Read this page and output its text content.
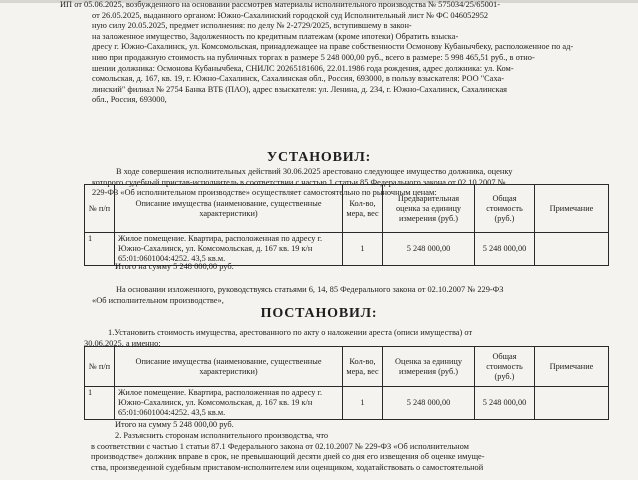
ИП от 05.06.2025, возбужденного на основании рассмотрев материалы исполнительного производства № 575034/25/65001-
от 26.05.2025, выданного органом: Южно-Сахалинский городской суд Исполнительный лист № ФС 046052952
ную силу 20.05.2025, предмет исполнения: по делу № 2-2729/2025, вступившему в закон-
на заложенное имущество, Задолженность по кредитным платежам (кроме ипотеки) Обратить взыска-
дресу г. Южно-Сахалинск, ул. Комсомольская, принадлежащее на праве собственности Осмонову Кубанычбеку, расположенное по ад-
нию при продажную стоимость на публичных торгах в размере 5 248 000,00 руб., всего в размере: 5 998 465,51 руб., в отно-
шении должника: Осмонова Кубанычбека, СНИЛС 20265181606, 22.01.1986 года рождения, адрес должника: ул. Ком-
сомольская, д. 167, кв. 19, г. Южно-Сахалинск, Сахалинская обл., Россия, 693000, в пользу взыскателя: РОО "Саха-
линский" филиал № 2754 Банка ВТБ (ПАО), адрес взыскателя: ул. Ленина, д. 234, г. Южно-Сахалинск, Сахалинская
обл., Россия, 693000,
УСТАНОВИЛ:
В ходе совершения исполнительных действий 30.06.2025 арестовано следующее имущество должника, оценку
которого судебный пристав-исполнитель в соответствии с частью 1 статьи 85 Федерального закона от 02.10.2007 №
229-ФЗ «Об исполнительном производстве» осуществляет самостоятельно по рыночным ценам:
№ п/п	Описание имущества (наименование, существенные характеристики)	Кол-во, мера, вес	Предварительная оценка за единицу измерения (руб.)	Общая стоимость (руб.)	Примечание
1	Жилое помещение. Квартира, расположенная по адресу г. Южно-Сахалинск, ул. Комсомольская, д. 167 кв. 19 к/н 65:01:0601004:4252. 43,5 кв.м.	1	5 248 000,00	5 248 000,00	
Итого на сумму 5 248 000,00 руб.
На основании изложенного, руководствуясь статьями 6, 14, 85 Федерального закона от 02.10.2007 № 229-ФЗ
«Об исполнительном производстве»,
ПОСТАНОВИЛ:
1.Установить стоимость имущества, арестованного по акту о наложении ареста (описи имущества) от
30.06.2025, а именно:
№ п/п	Описание имущества (наименование, существенные характеристики)	Кол-во, мера, вес	Оценка за единицу измерения (руб.)	Общая стоимость (руб.)	Примечание
1	Жилое помещение. Квартира, расположенная по адресу г. Южно-Сахалинск, ул. Комсомольская, д. 167 кв. 19 к/н 65:01:0601004:4252. 43,5 кв.м.	1	5 248 000,00	5 248 000,00	
Итого на сумму 5 248 000,00 руб.
2. Разъяснить сторонам исполнительного производства, что
в соответствии с частью 1 статьи 87.1 Федерального закона от 02.10.2007 № 229-ФЗ «Об исполнительном
производстве» должник вправе в срок, не превышающий десяти дней со дня его извещения об оценке имуще-
ства, произведенной судебным приставом-исполнителем или оценщиком, ходатайствовать о самостоятельной
